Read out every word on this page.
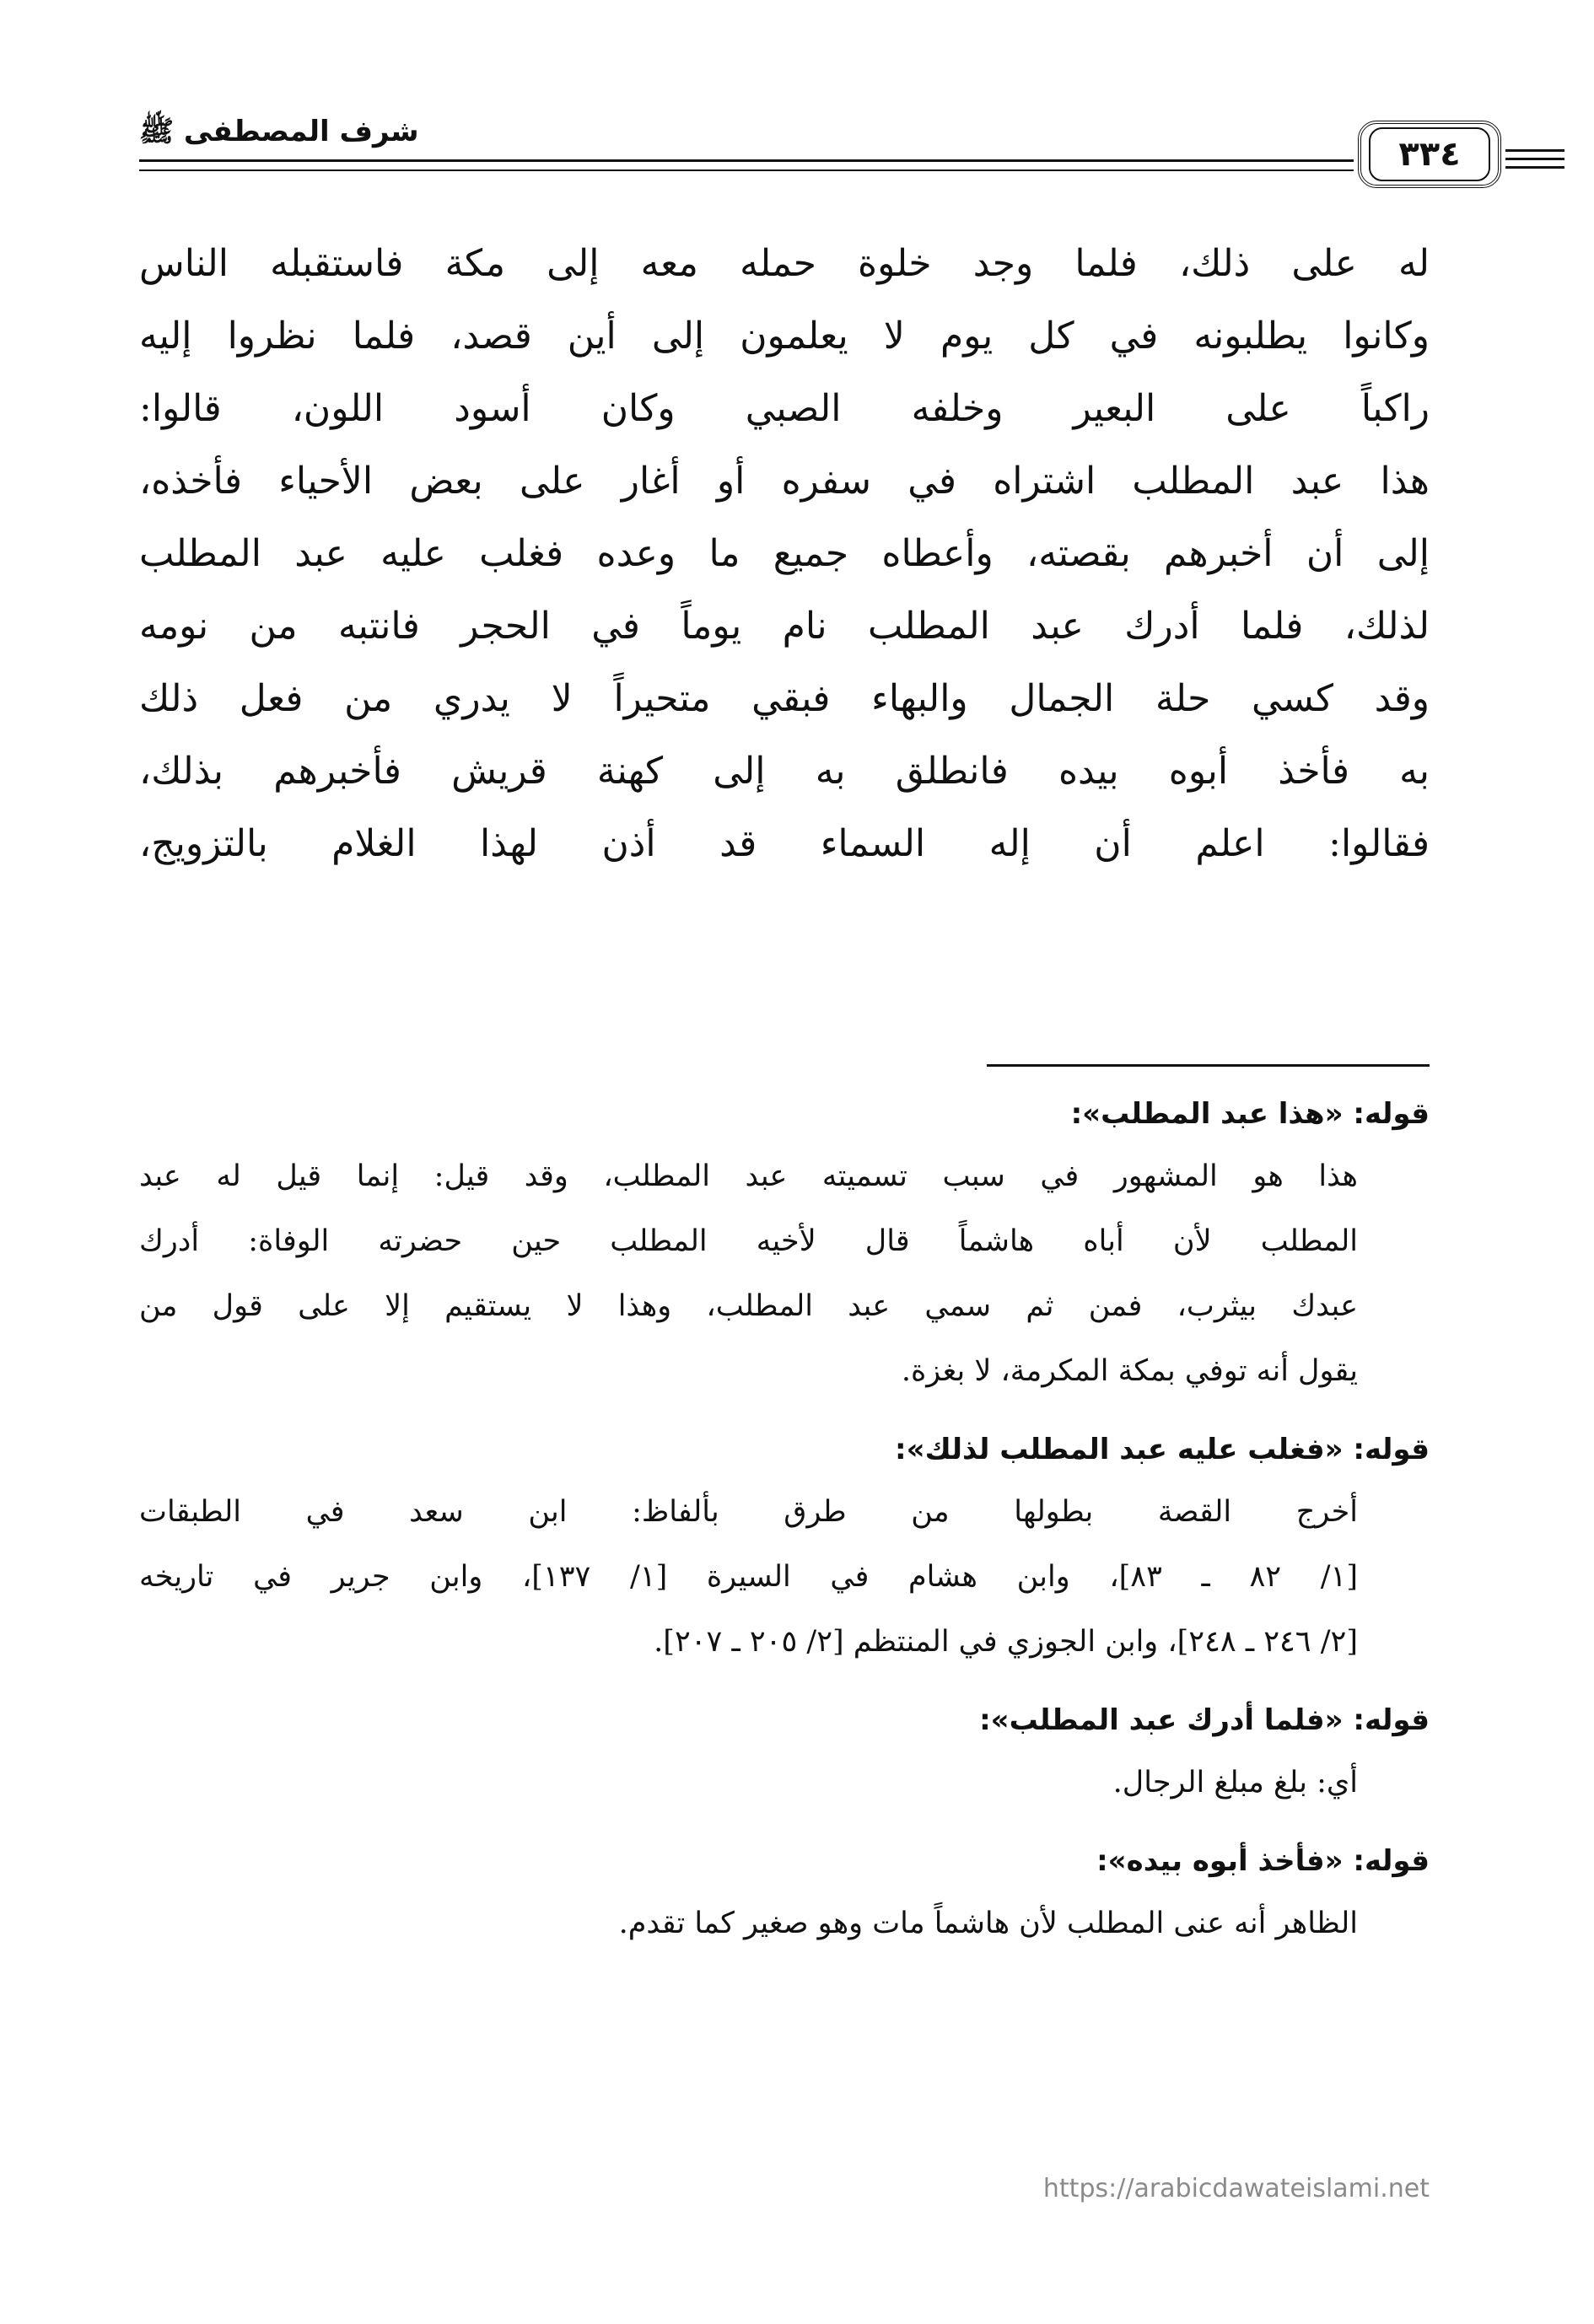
شرف المصطفى ﷺ
٣٣٤
له على ذلك، فلما وجد خلوة حمله معه إلى مكة فاستقبله الناس
وكانوا يطلبونه في كل يوم لا يعلمون إلى أين قصد، فلما نظروا إليه
راكباً على البعير وخلفه الصبي وكان أسود اللون، قالوا:
هذا عبد المطلب اشتراه في سفره أو أغار على بعض الأحياء فأخذه،
إلى أن أخبرهم بقصته، وأعطاه جميع ما وعده فغلب عليه عبد المطلب
لذلك، فلما أدرك عبد المطلب نام يوماً في الحجر فانتبه من نومه
وقد كسي حلة الجمال والبهاء فبقي متحيراً لا يدري من فعل ذلك
به فأخذ أبوه بيده فانطلق به إلى كهنة قريش فأخبرهم بذلك،
فقالوا: اعلم أن إله السماء قد أذن لهذا الغلام بالتزويج،
قوله: «هذا عبد المطلب»:
هذا هو المشهور في سبب تسميته عبد المطلب، وقد قيل: إنما قيل له عبد
المطلب لأن أباه هاشماً قال لأخيه المطلب حين حضرته الوفاة: أدرك
عبدك بيثرب، فمن ثم سمي عبد المطلب، وهذا لا يستقيم إلا على قول من
يقول أنه توفي بمكة المكرمة، لا بغزة.
قوله: «فغلب عليه عبد المطلب لذلك»:
أخرج القصة بطولها من طرق بألفاظ: ابن سعد في الطبقات
[١/ ٨٢ ـ ٨٣]، وابن هشام في السيرة [١/ ١٣٧]، وابن جرير في تاريخه
[٢/ ٢٤٦ ـ ٢٤٨]، وابن الجوزي في المنتظم [٢/ ٢٠٥ ـ ٢٠٧].
قوله: «فلما أدرك عبد المطلب»:
أي: بلغ مبلغ الرجال.
قوله: «فأخذ أبوه بيده»:
الظاهر أنه عنى المطلب لأن هاشماً مات وهو صغير كما تقدم.
https://arabicdawateislami.net
